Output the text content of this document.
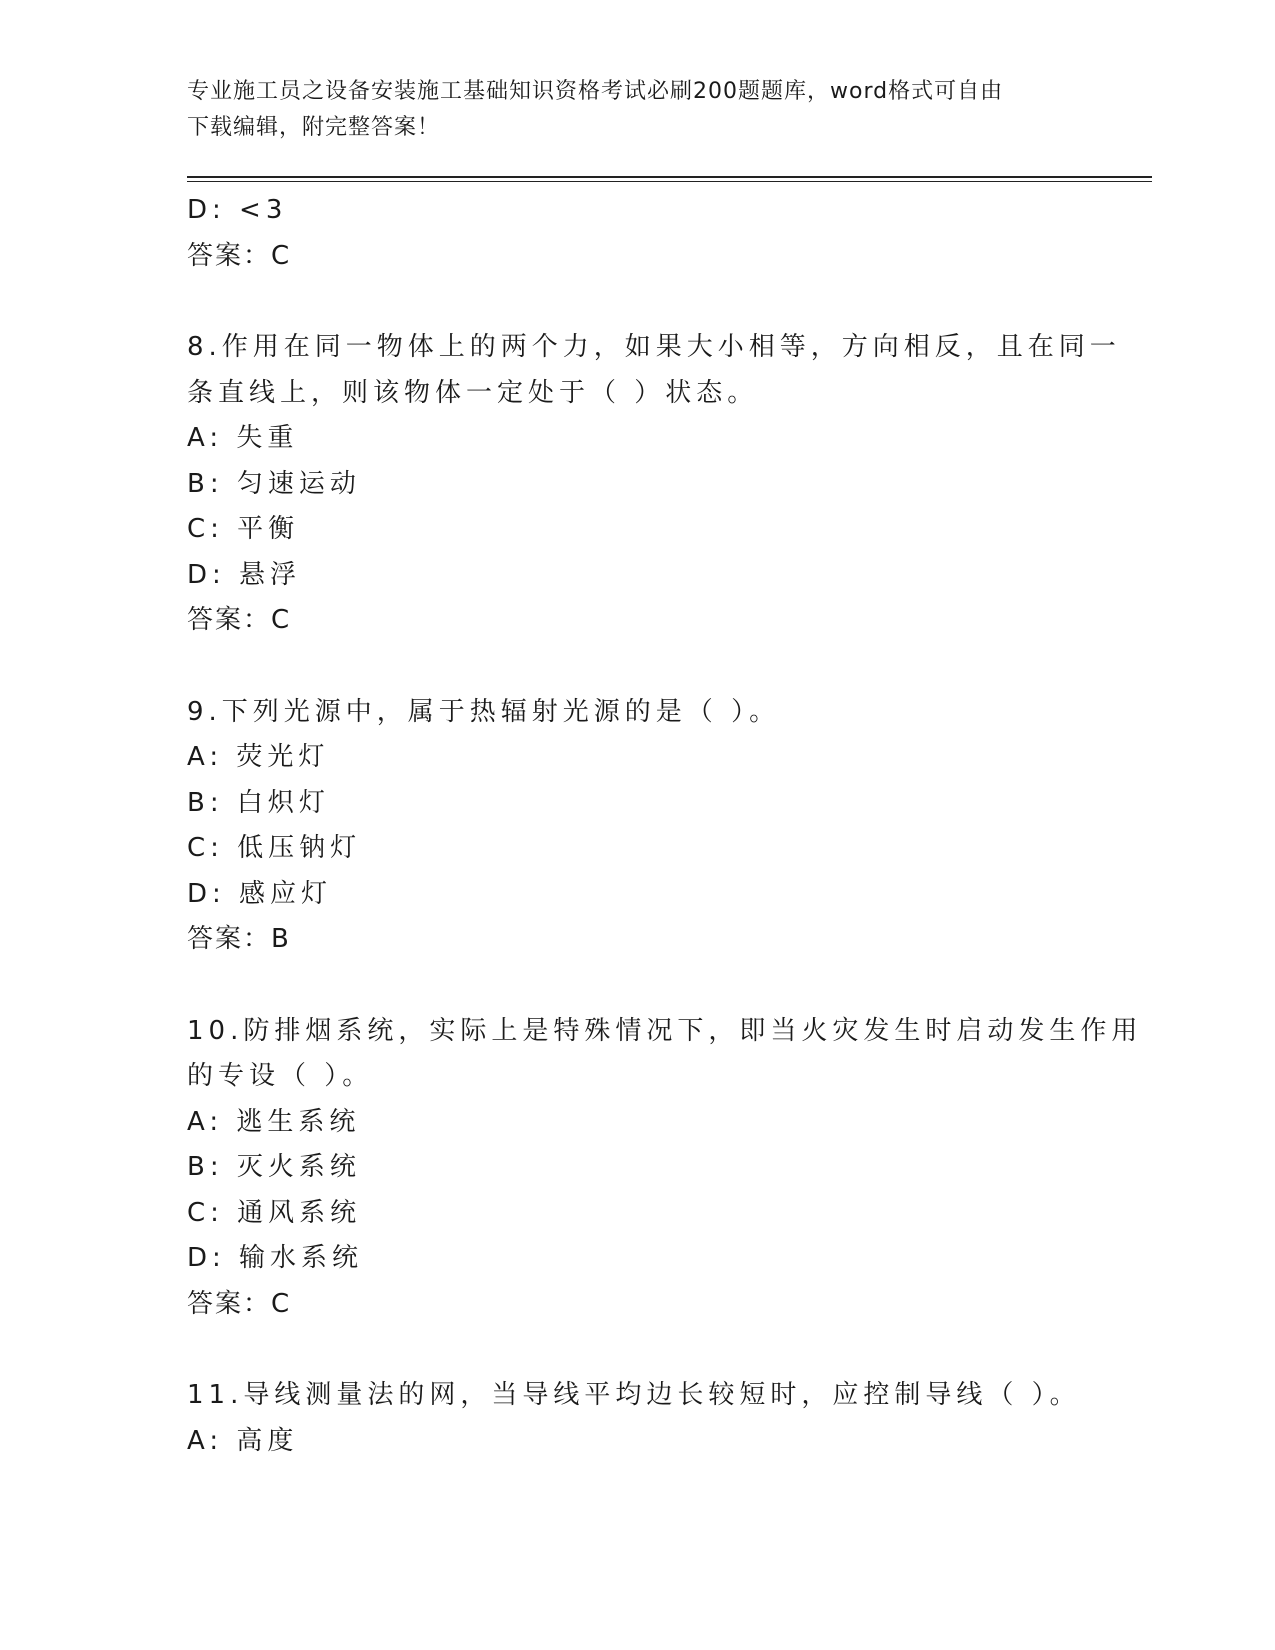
专业施工员之设备安装施工基础知识资格考试必刷200题题库，word格式可自由
下载编辑，附完整答案！
D: <3
答案：C
8.作用在同一物体上的两个力，如果大小相等，方向相反，且在同一
条直线上，则该物体一定处于（ ）状态。
A: 失重
B: 匀速运动
C: 平衡
D: 悬浮
答案：C
9.下列光源中，属于热辐射光源的是（ ）。
A: 荧光灯
B: 白炽灯
C: 低压钠灯
D: 感应灯
答案：B
10.防排烟系统，实际上是特殊情况下，即当火灾发生时启动发生作用
的专设（ ）。
A: 逃生系统
B: 灭火系统
C: 通风系统
D: 输水系统
答案：C
11.导线测量法的网，当导线平均边长较短时，应控制导线（ ）。
A: 高度
